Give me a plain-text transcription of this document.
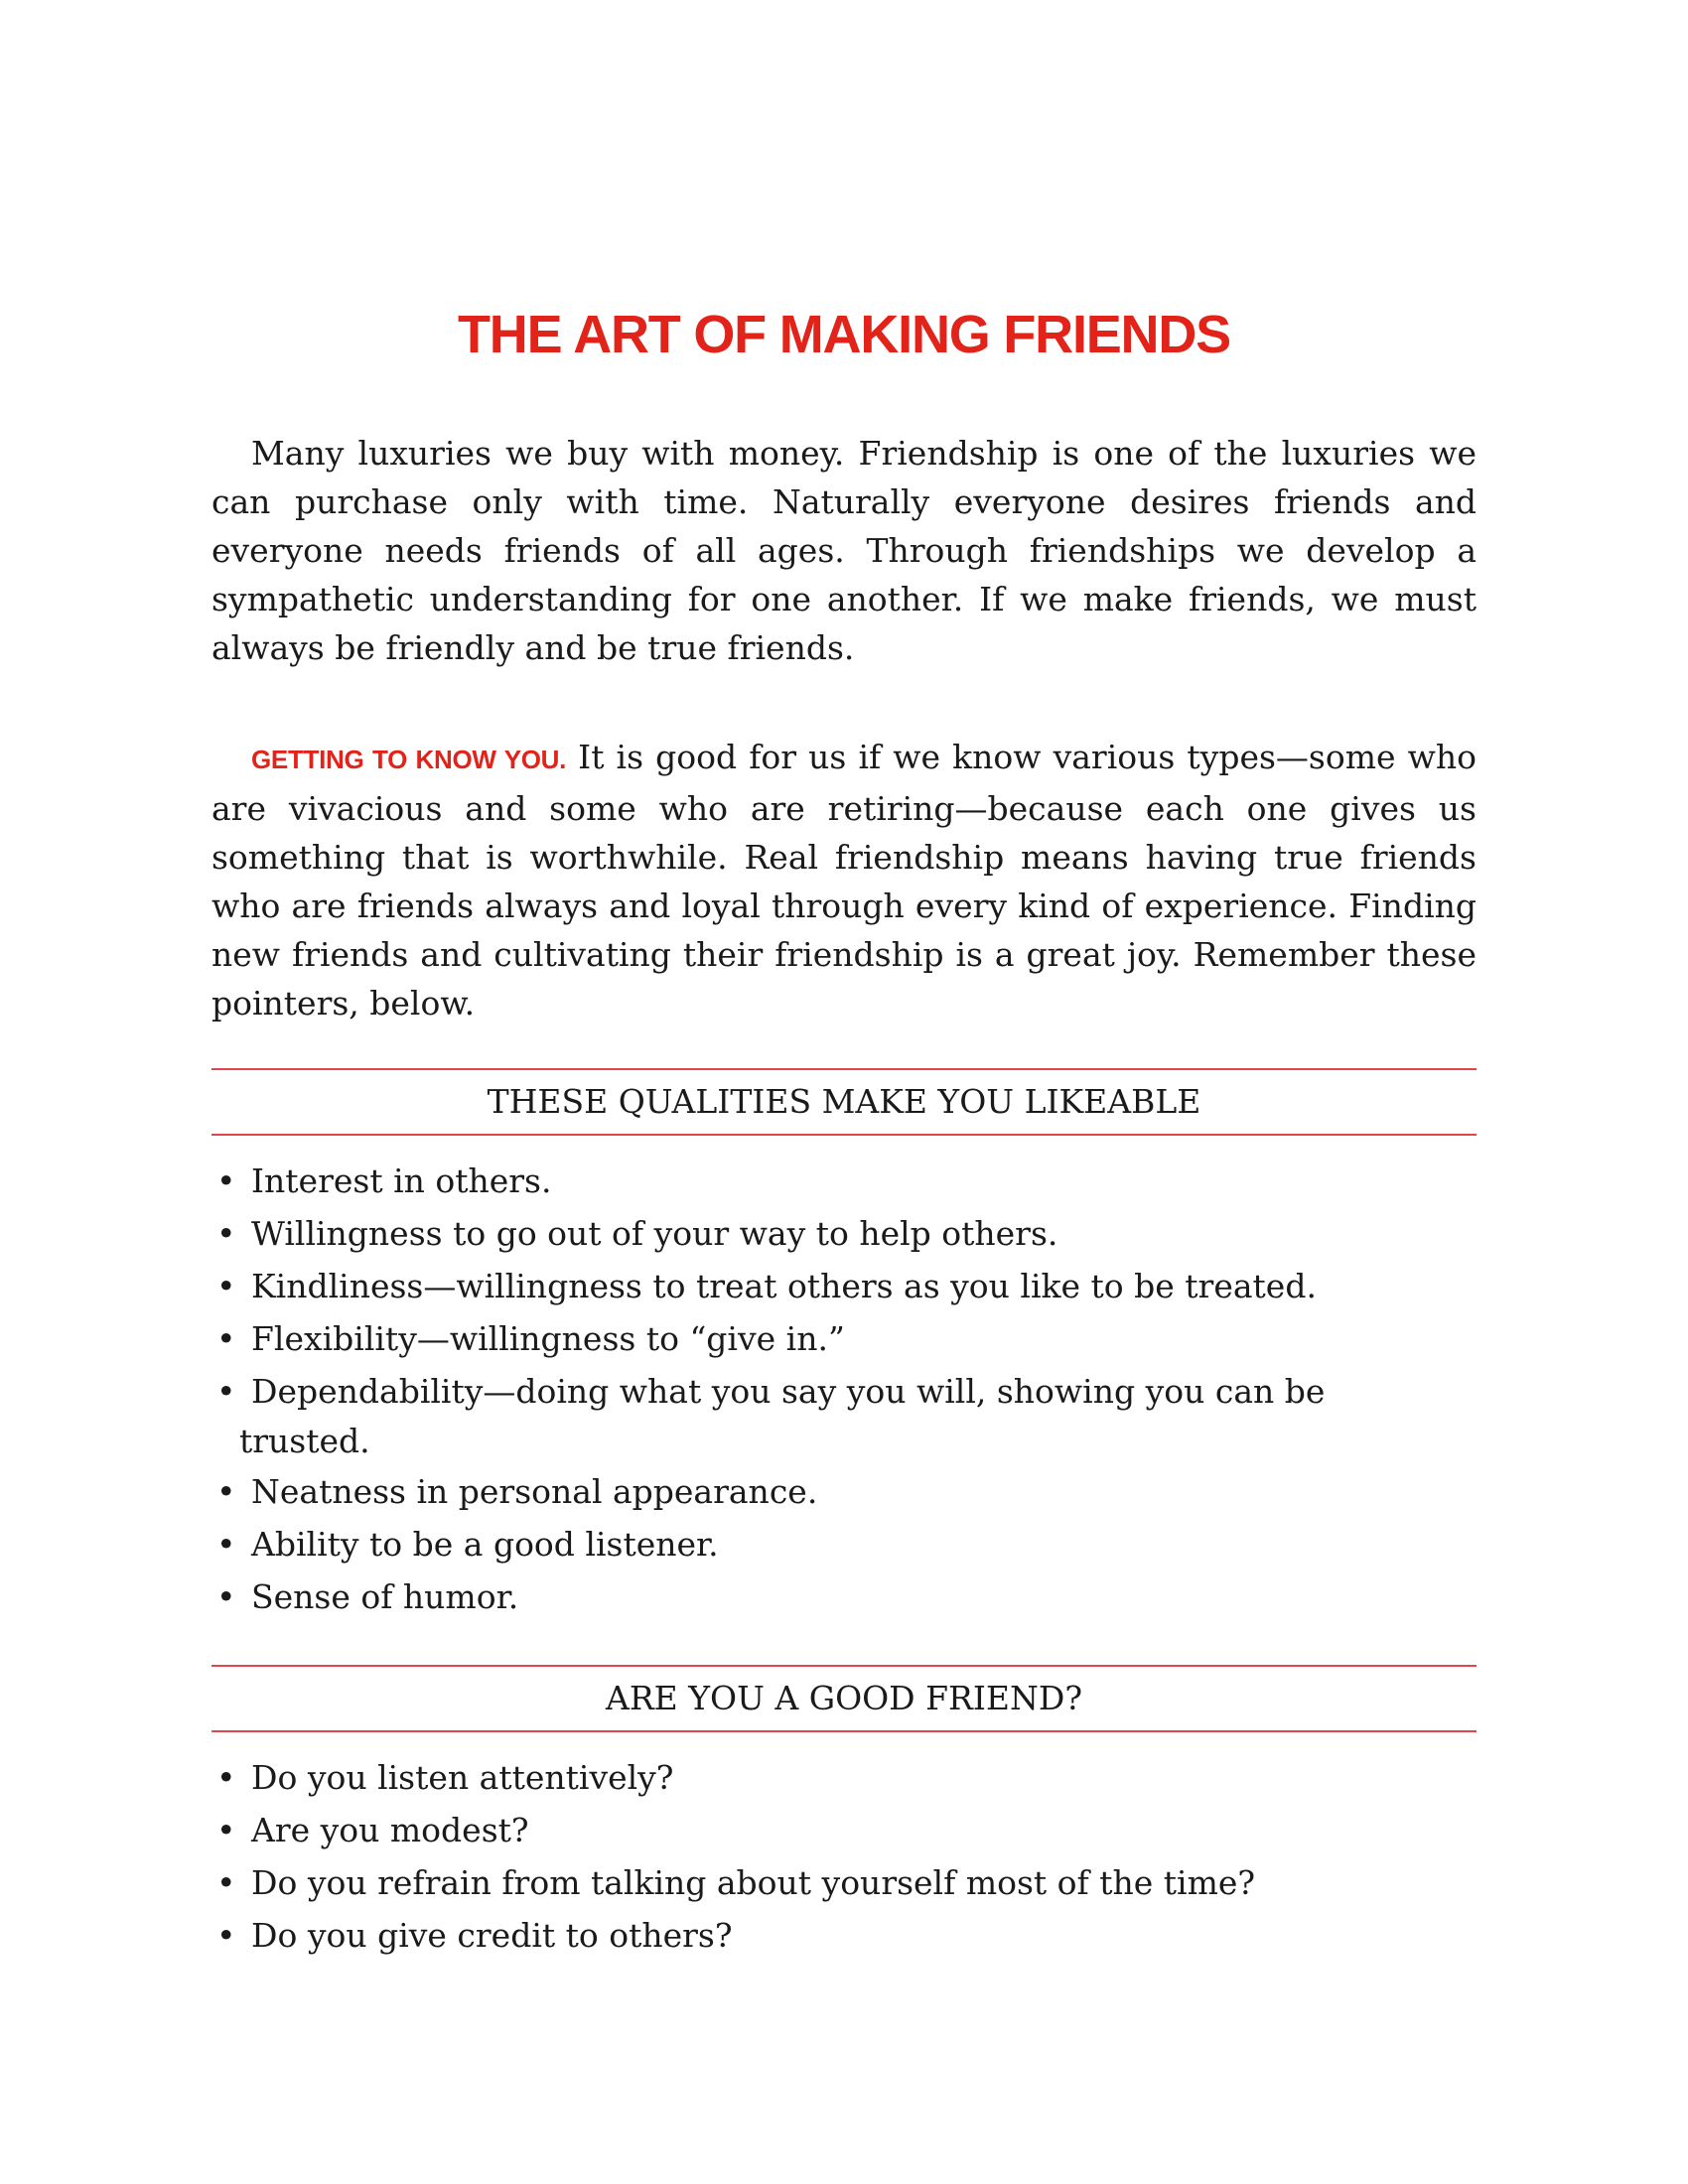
THE ART OF MAKING FRIENDS

Many luxuries we buy with money. Friendship is one of the luxuries we can purchase only with time. Naturally everyone desires friends and everyone needs friends of all ages. Through friendships we develop a sympathetic understanding for one another. If we make friends, we must always be friendly and be true friends.

GETTING TO KNOW YOU. It is good for us if we know various types—some who are vivacious and some who are retiring—because each one gives us something that is worthwhile. Real friendship means having true friends who are friends always and loyal through every kind of experience. Finding new friends and cultivating their friendship is a great joy. Remember these pointers, below.

THESE QUALITIES MAKE YOU LIKEABLE
• Interest in others.
• Willingness to go out of your way to help others.
• Kindliness—willingness to treat others as you like to be treated.
• Flexibility—willingness to “give in.”
• Dependability—doing what you say you will, showing you can be
trusted.
• Neatness in personal appearance.
• Ability to be a good listener.
• Sense of humor.
ARE YOU A GOOD FRIEND?
• Do you listen attentively?
• Are you modest?
• Do you refrain from talking about yourself most of the time?
• Do you give credit to others?
